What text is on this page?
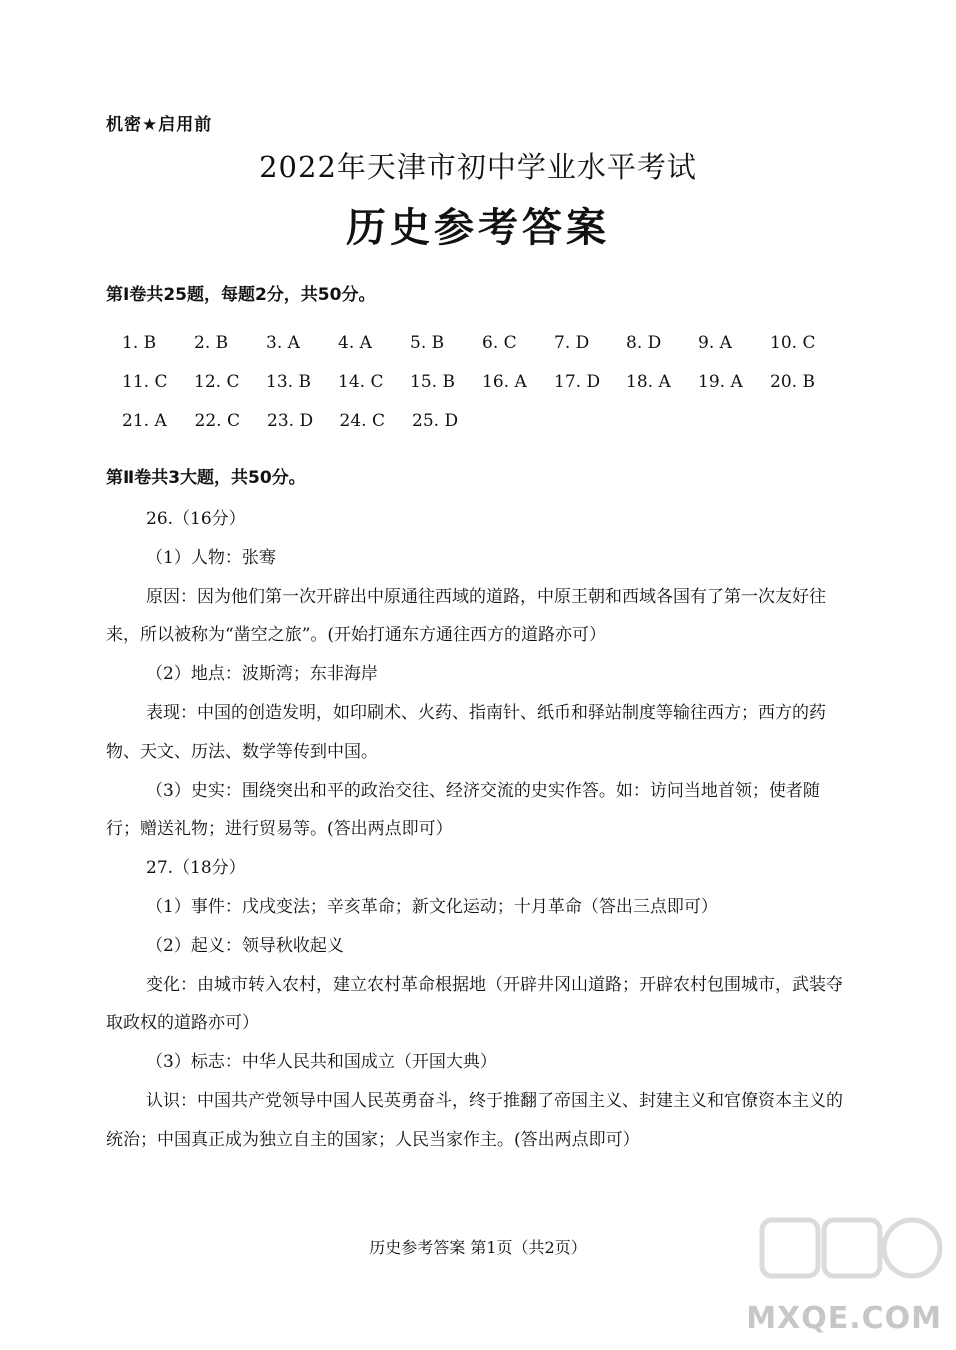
机密★启用前
2022年天津市初中学业水平考试
历史参考答案
第Ⅰ卷共25题，每题2分，共50分。
1. B	2. B	3. A	4. A	5. B	6. C	7. D	8. D	9. A	10. C
11. C	12. C	13. B	14. C	15. B	16. A	17. D	18. A	19. A	20. B
21. A	22. C	23. D	24. C	25. D
第Ⅱ卷共3大题，共50分。

26.（16分）

（1）人物：张骞

原因：因为他们第一次开辟出中原通往西域的道路，中原王朝和西域各国有了第一次友好往来，所以被称为“凿空之旅”。(开始打通东方通往西方的道路亦可）

（2）地点：波斯湾；东非海岸

表现：中国的创造发明，如印刷术、火药、指南针、纸币和驿站制度等输往西方；西方的药物、天文、历法、数学等传到中国。

（3）史实：围绕突出和平的政治交往、经济交流的史实作答。如：访问当地首领；使者随行；赠送礼物；进行贸易等。(答出两点即可）

27.（18分）

（1）事件：戊戌变法；辛亥革命；新文化运动；十月革命（答出三点即可）

（2）起义：领导秋收起义

变化：由城市转入农村，建立农村革命根据地（开辟井冈山道路；开辟农村包围城市，武装夺取政权的道路亦可）

（3）标志：中华人民共和国成立（开国大典）

认识：中国共产党领导中国人民英勇奋斗，终于推翻了帝国主义、封建主义和官僚资本主义的统治；中国真正成为独立自主的国家；人民当家作主。(答出两点即可）

历史参考答案 第1页（共2页）
MXQE.COM
